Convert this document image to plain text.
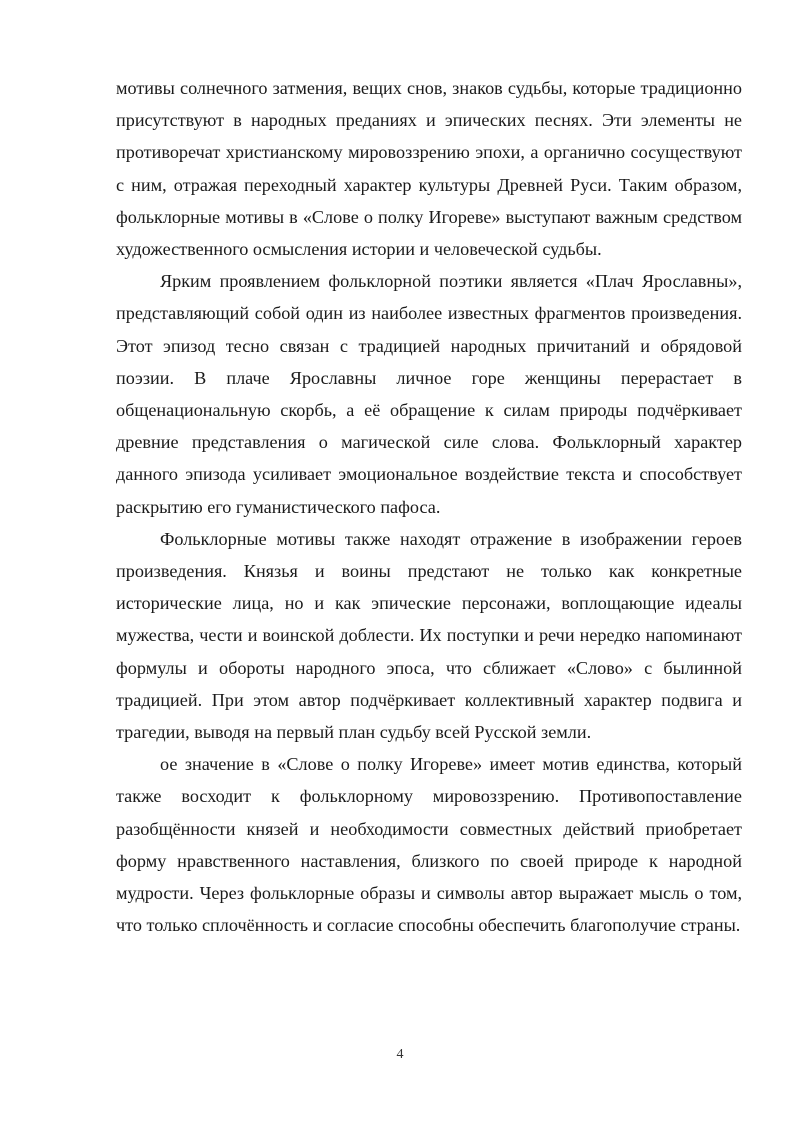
мотивы солнечного затмения, вещих снов, знаков судьбы, которые традиционно присутствуют в народных преданиях и эпических песнях. Эти элементы не противоречат христианскому мировоззрению эпохи, а органично сосуществуют с ним, отражая переходный характер культуры Древней Руси. Таким образом, фольклорные мотивы в «Слове о полку Игореве» выступают важным средством художественного осмысления истории и человеческой судьбы.

Ярким проявлением фольклорной поэтики является «Плач Ярославны», представляющий собой один из наиболее известных фрагментов произведения. Этот эпизод тесно связан с традицией народных причитаний и обрядовой поэзии. В плаче Ярославны личное горе женщины перерастает в общенациональную скорбь, а её обращение к силам природы подчёркивает древние представления о магической силе слова. Фольклорный характер данного эпизода усиливает эмоциональное воздействие текста и способствует раскрытию его гуманистического пафоса.

Фольклорные мотивы также находят отражение в изображении героев произведения. Князья и воины предстают не только как конкретные исторические лица, но и как эпические персонажи, воплощающие идеалы мужества, чести и воинской доблести. Их поступки и речи нередко напоминают формулы и обороты народного эпоса, что сближает «Слово» с былинной традицией. При этом автор подчёркивает коллективный характер подвига и трагедии, выводя на первый план судьбу всей Русской земли.

ое значение в «Слове о полку Игореве» имеет мотив единства, который также восходит к фольклорному мировоззрению. Противопоставление разобщённости князей и необходимости совместных действий приобретает форму нравственного наставления, близкого по своей природе к народной мудрости. Через фольклорные образы и символы автор выражает мысль о том, что только сплочённость и согласие способны обеспечить благополучие страны.

4
